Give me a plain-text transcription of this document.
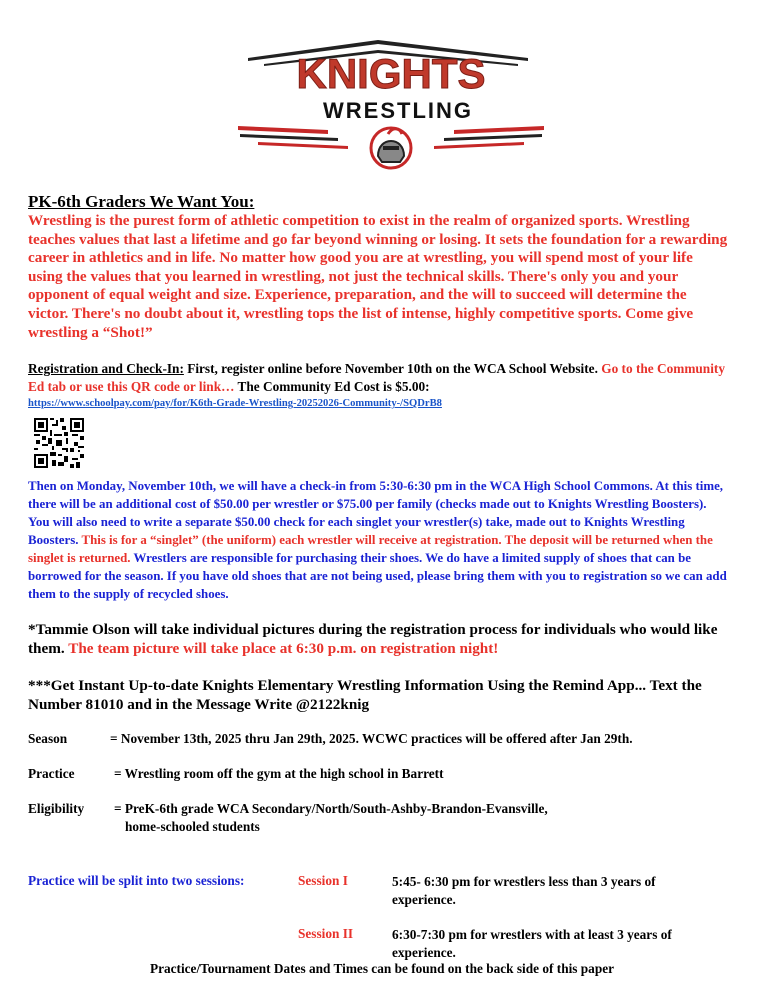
KNIGHTS
WRESTLING
PK-6th Graders We Want You:
Wrestling is the purest form of athletic competition to exist in the realm of organized sports. Wrestling teaches values that last a lifetime and go far beyond winning or losing. It sets the foundation for a rewarding career in athletics and in life. No matter how good you are at wrestling, you will spend most of your life using the values that you learned in wrestling, not just the technical skills. There's only you and your opponent of equal weight and size. Experience, preparation, and the will to succeed will determine the victor. There's no doubt about it, wrestling tops the list of intense, highly competitive sports. Come give wrestling a “Shot!”
Registration and Check-In: First, register online before November 10th on the WCA School Website. Go to the Community Ed tab or use this QR code or link… The Community Ed Cost is $5.00:
https://www.schoolpay.com/pay/for/K6th-Grade-Wrestling-20252026-Community-/SQDrB8
Then on Monday, November 10th, we will have a check-in from 5:30-6:30 pm in the WCA High School Commons. At this time, there will be an additional cost of $50.00 per wrestler or $75.00 per family (checks made out to Knights Wrestling Boosters). You will also need to write a separate $50.00 check for each singlet your wrestler(s) take, made out to Knights Wrestling Boosters. This is for a “singlet” (the uniform) each wrestler will receive at registration. The deposit will be returned when the singlet is returned. Wrestlers are responsible for purchasing their shoes. We do have a limited supply of shoes that can be borrowed for the season. If you have old shoes that are not being used, please bring them with you to registration so we can add them to the supply of recycled shoes.
*Tammie Olson will take individual pictures during the registration process for individuals who would like them. The team picture will take place at 6:30 p.m. on registration night!
***Get Instant Up-to-date Knights Elementary Wrestling Information Using the Remind App... Text the Number 81010 and in the Message Write @2122knig
Season	= November 13th, 2025 thru Jan 29th, 2025. WCWC practices will be offered after Jan 29th.
Practice	= Wrestling room off the gym at the high school in Barrett
Eligibility = PreK-6th grade WCA Secondary/North/South-Ashby-Brandon-Evansville,
home-schooled students
Practice will be split into two sessions:	Session I	5:45- 6:30 pm for wrestlers less than 3 years of experience.
Session II	6:30-7:30 pm for wrestlers with at least 3 years of experience.
Practice/Tournament Dates and Times can be found on the back side of this paper
